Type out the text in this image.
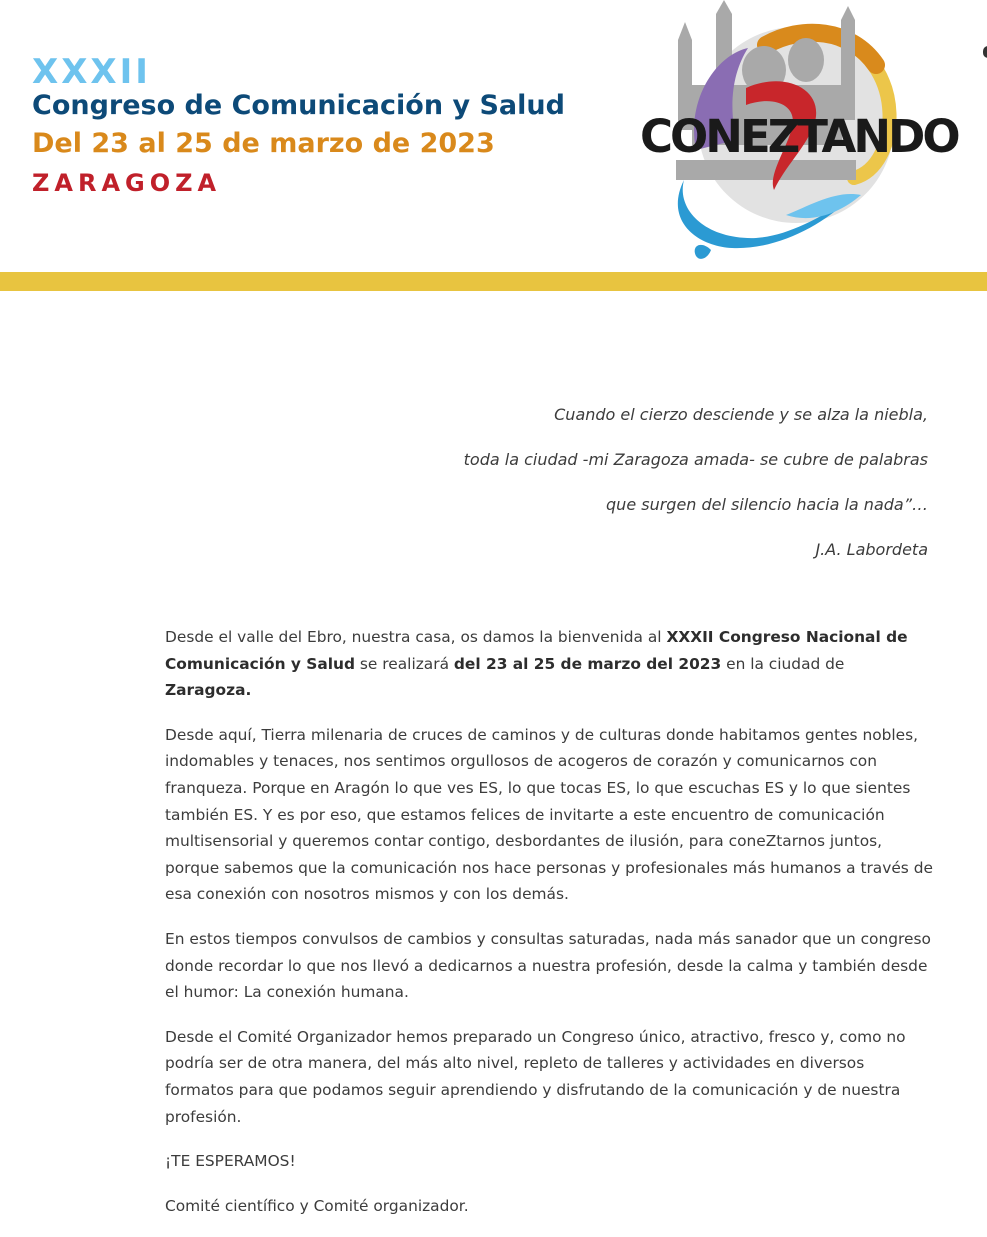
XXXII

Congreso de Comunicación y Salud

Del 23 al 25 de marzo de 2023

ZARAGOZA

CONEZTANDO

Cuando el cierzo desciende y se alza la niebla,

toda la ciudad -mi Zaragoza amada- se cubre de palabras

que surgen del silencio hacia la nada”…

J.A. Labordeta

Desde el valle del Ebro, nuestra casa, os damos la bienvenida al XXXII Congreso Nacional de Comunicación y Salud se realizará del 23 al 25 de marzo del 2023 en la ciudad de Zaragoza.

Desde aquí, Tierra milenaria de cruces de caminos y de culturas donde habitamos gentes nobles, indomables y tenaces, nos sentimos orgullosos de acogeros de corazón y comunicarnos con franqueza. Porque en Aragón lo que ves ES, lo que tocas ES, lo que escuchas ES y lo que sientes también ES. Y es por eso, que estamos felices de invitarte a este encuentro de comunicación multisensorial y queremos contar contigo, desbordantes de ilusión, para coneZtarnos juntos, porque sabemos que la comunicación nos hace personas y profesionales más humanos a través de esa conexión con nosotros mismos y con los demás.

En estos tiempos convulsos de cambios y consultas saturadas, nada más sanador que un congreso donde recordar lo que nos llevó a dedicarnos a nuestra profesión, desde la calma y también desde el humor: La conexión humana.

Desde el Comité Organizador hemos preparado un Congreso único, atractivo, fresco y, como no podría ser de otra manera, del más alto nivel, repleto de talleres y actividades en diversos formatos para que podamos seguir aprendiendo y disfrutando de la comunicación y de nuestra profesión.

¡TE ESPERAMOS!

Comité científico y Comité organizador.
